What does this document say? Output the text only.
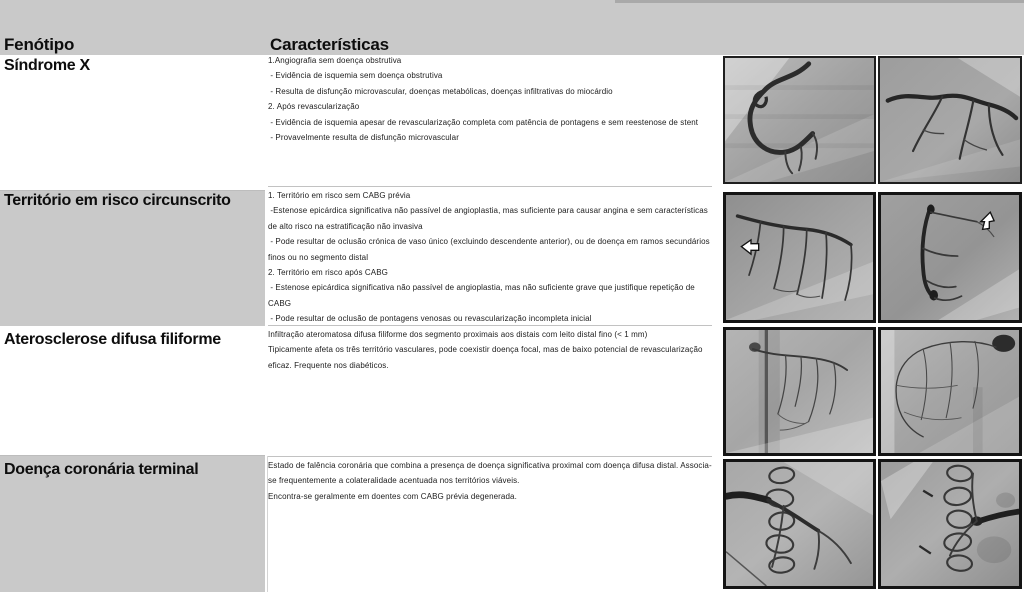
Fenótipo	Características
Síndrome X
Território em risco circunscrito
Aterosclerose difusa filiforme
Doença coronária terminal
1.Angiografia sem doença obstrutiva
- Evidência de isquemia sem doença obstrutiva
- Resulta de disfunção microvascular, doenças metabólicas, doenças infiltrativas do miocárdio
2. Após revascularização
- Evidência de isquemia apesar de revascularização completa com patência de pontagens e sem reestenose de stent
- Provavelmente resulta de disfunção microvascular
1. Território em risco sem CABG prévia
-Estenose epicárdica significativa não passível de angioplastia, mas suficiente para causar angina e sem características
de alto risco na estratificação não invasiva
- Pode resultar de oclusão crónica de vaso único (excluindo descendente anterior), ou de doença em ramos secundários
finos ou no segmento distal
2. Território em risco após CABG
- Estenose epicárdica significativa não passível de angioplastia, mas não suficiente grave que justifique repetição de
CABG
- Pode resultar de oclusão de pontagens venosas ou revascularização incompleta inicial
Infiltração ateromatosa difusa filiforme dos segmento proximais aos distais com leito distal fino (< 1 mm)
Tipicamente afeta os três território vasculares, pode coexistir doença focal, mas de baixo potencial de revascularização
eficaz. Frequente nos diabéticos.
Estado de falência coronária que combina a presença de doença significativa proximal com doença difusa distal. Associa-
se frequentemente a colateralidade acentuada nos territórios viáveis.
Encontra-se geralmente em doentes com CABG prévia degenerada.
